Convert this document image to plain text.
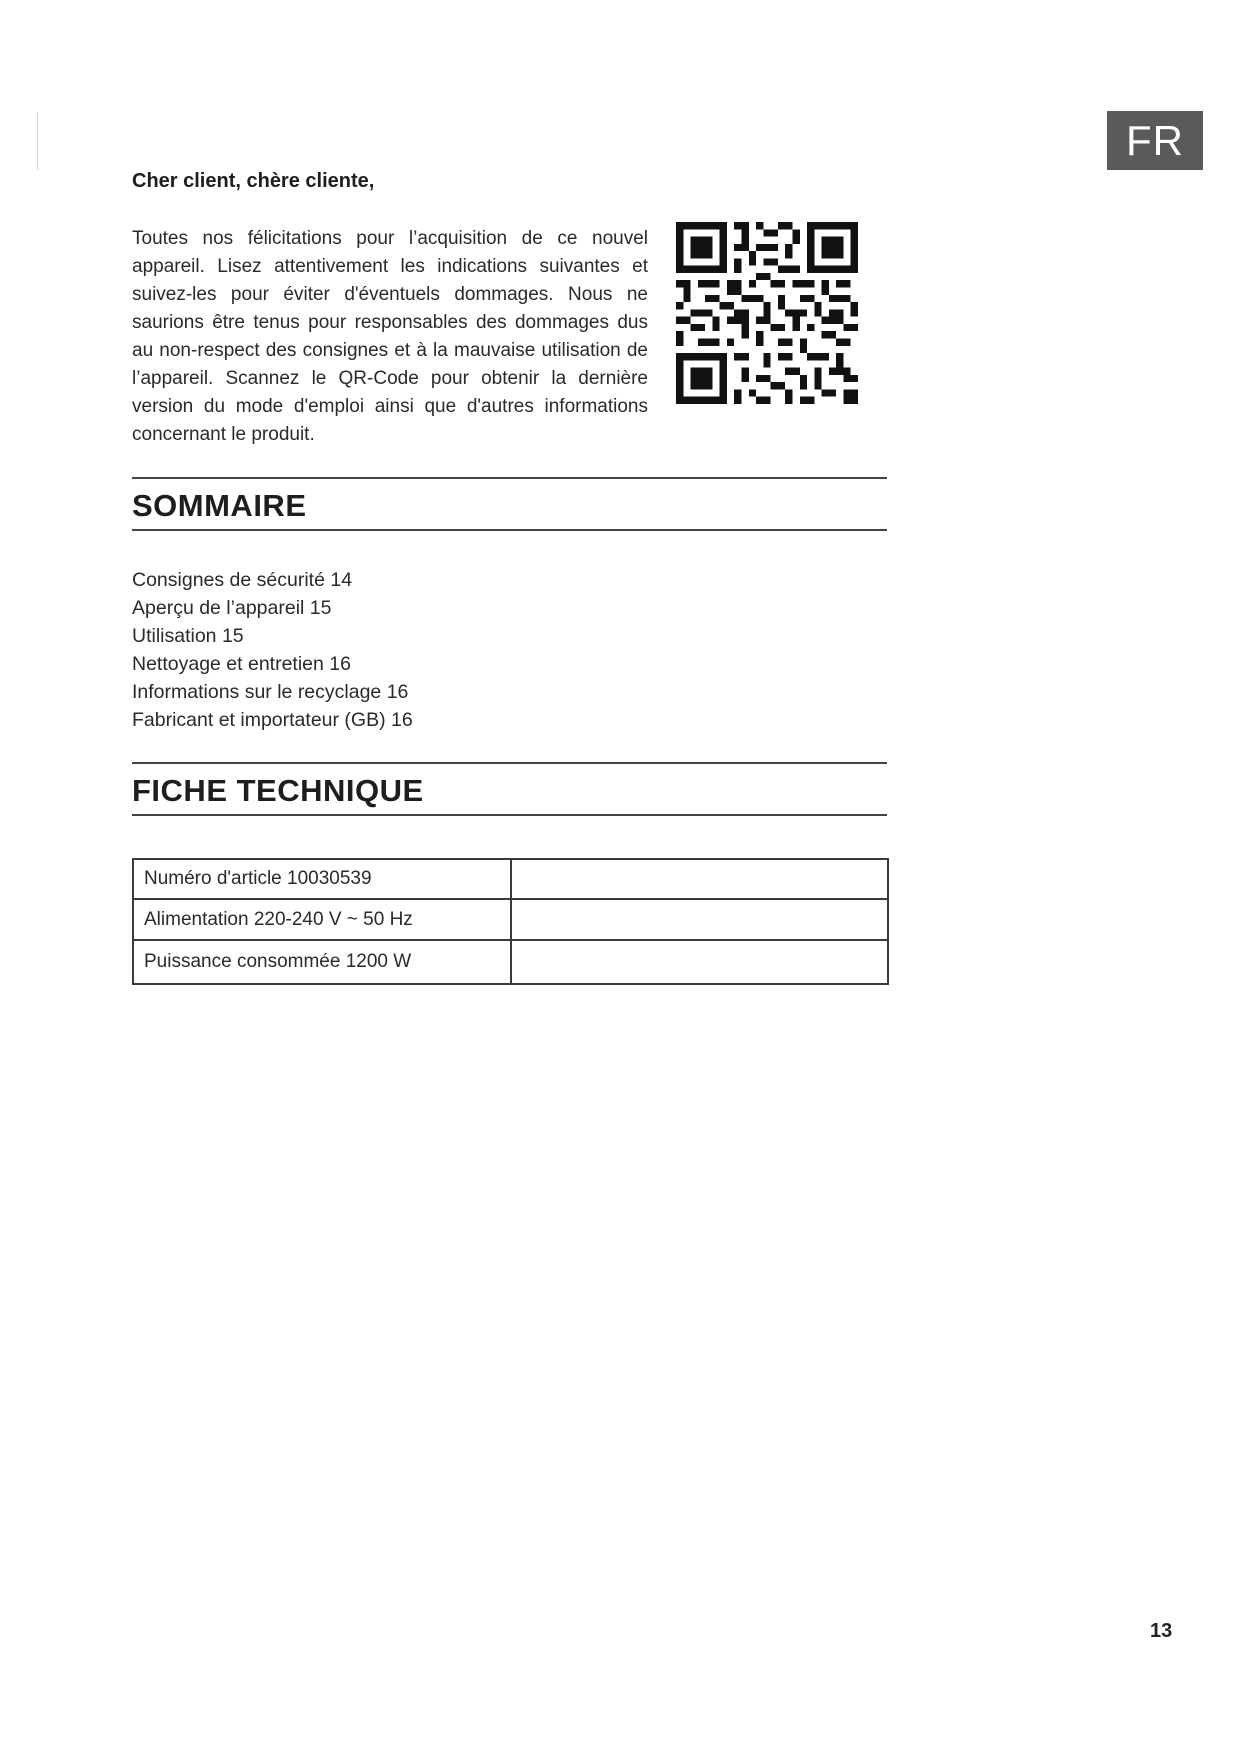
FR
Cher client, chère cliente,

Toutes nos félicitations pour l’acquisition de ce nouvel appareil. Lisez attentivement les indications suivantes et suivez-les pour éviter d'éventuels dommages. Nous ne saurions être tenus pour responsables des dommages dus au non-respect des consignes et à la mauvaise utilisation de l’appareil. Scannez le QR-Code pour obtenir la dernière version du mode d'emploi ainsi que d'autres informations concernant le produit.

SOMMAIRE
Consignes de sécurité 14
Aperçu de l’appareil 15
Utilisation 15
Nettoyage et entretien 16
Informations sur le recyclage 16
Fabricant et importateur (GB) 16
FICHE TECHNIQUE
Numéro d'article 10030539	
Alimentation 220-240 V ~ 50 Hz	
Puissance consommée 1200 W	
13
